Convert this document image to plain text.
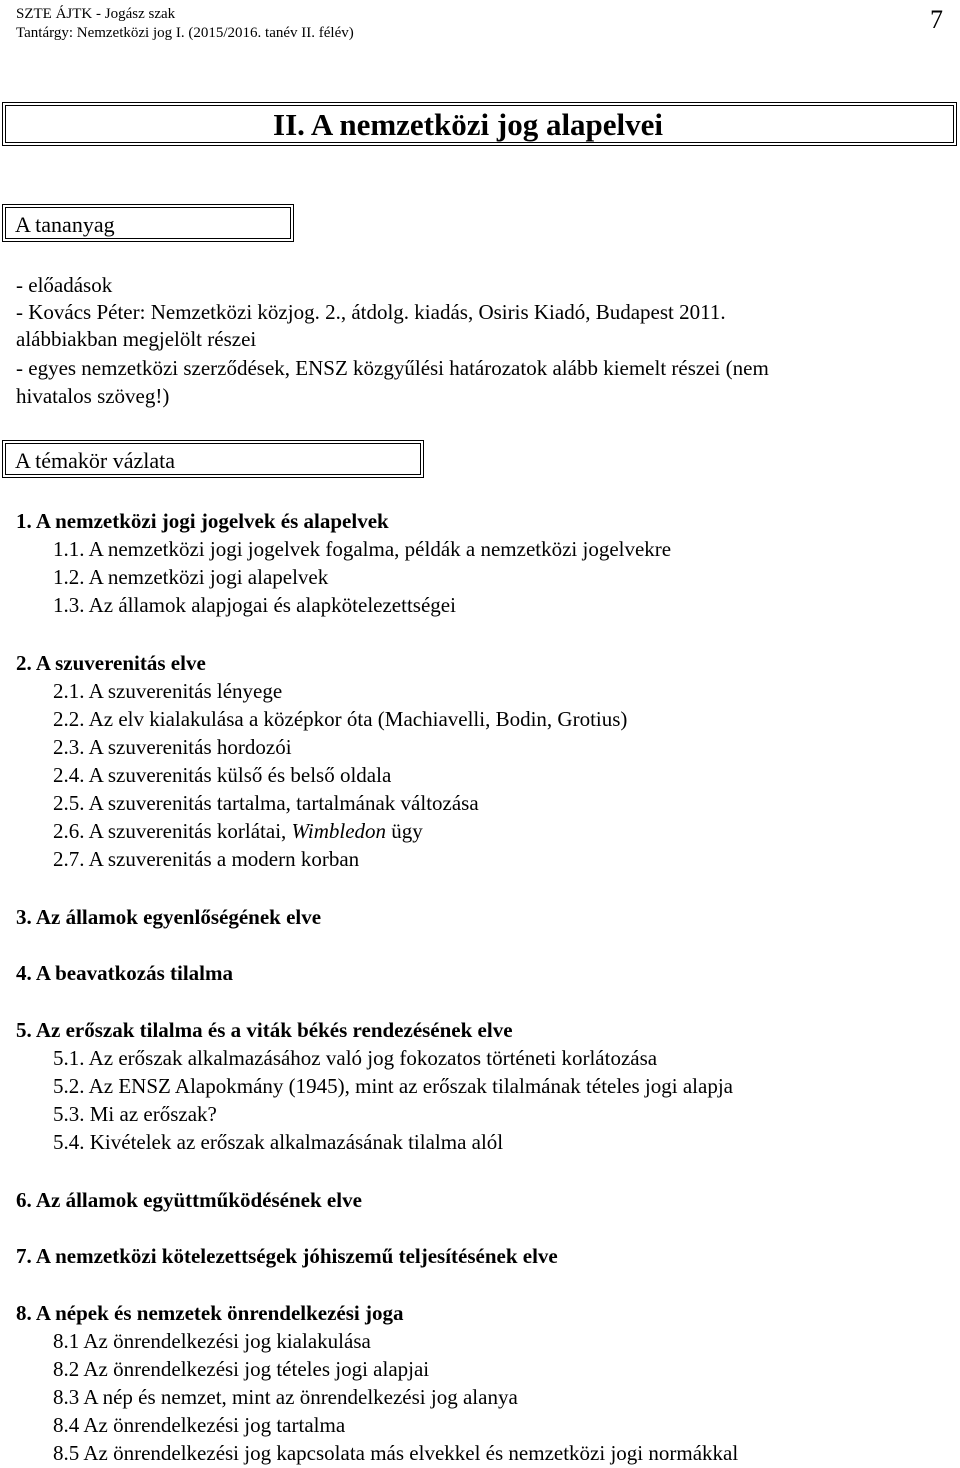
SZTE ÁJTK - Jogász szak
Tantárgy: Nemzetközi jog I. (2015/2016. tanév II. félév)	7
II. A nemzetközi jog alapelvei
A tananyag
- előadások
- Kovács Péter: Nemzetközi közjog. 2., átdolg. kiadás, Osiris Kiadó, Budapest 2011.
alábbiakban megjelölt részei
- egyes nemzetközi szerződések, ENSZ közgyűlési határozatok alább kiemelt részei (nem
hivatalos szöveg!)
A témakör vázlata
1. A nemzetközi jogi jogelvek és alapelvek
1.1. A nemzetközi jogi jogelvek fogalma, példák a nemzetközi jogelvekre
1.2. A nemzetközi jogi alapelvek
1.3. Az államok alapjogai és alapkötelezettségei
2. A szuverenitás elve
2.1. A szuverenitás lényege
2.2. Az elv kialakulása a középkor óta (Machiavelli, Bodin, Grotius)
2.3. A szuverenitás hordozói
2.4. A szuverenitás külső és belső oldala
2.5. A szuverenitás tartalma, tartalmának változása
2.6. A szuverenitás korlátai, Wimbledon ügy
2.7. A szuverenitás a modern korban
3. Az államok egyenlőségének elve
4. A beavatkozás tilalma
5. Az erőszak tilalma és a viták békés rendezésének elve
5.1. Az erőszak alkalmazásához való jog fokozatos történeti korlátozása
5.2. Az ENSZ Alapokmány (1945), mint az erőszak tilalmának tételes jogi alapja
5.3. Mi az erőszak?
5.4. Kivételek az erőszak alkalmazásának tilalma alól
6. Az államok együttműködésének elve
7. A nemzetközi kötelezettségek jóhiszemű teljesítésének elve
8. A népek és nemzetek önrendelkezési joga
8.1 Az önrendelkezési jog kialakulása
8.2 Az önrendelkezési jog tételes jogi alapjai
8.3 A nép és nemzet, mint az önrendelkezési jog alanya
8.4 Az önrendelkezési jog tartalma
8.5 Az önrendelkezési jog kapcsolata más elvekkel és nemzetközi jogi normákkal
